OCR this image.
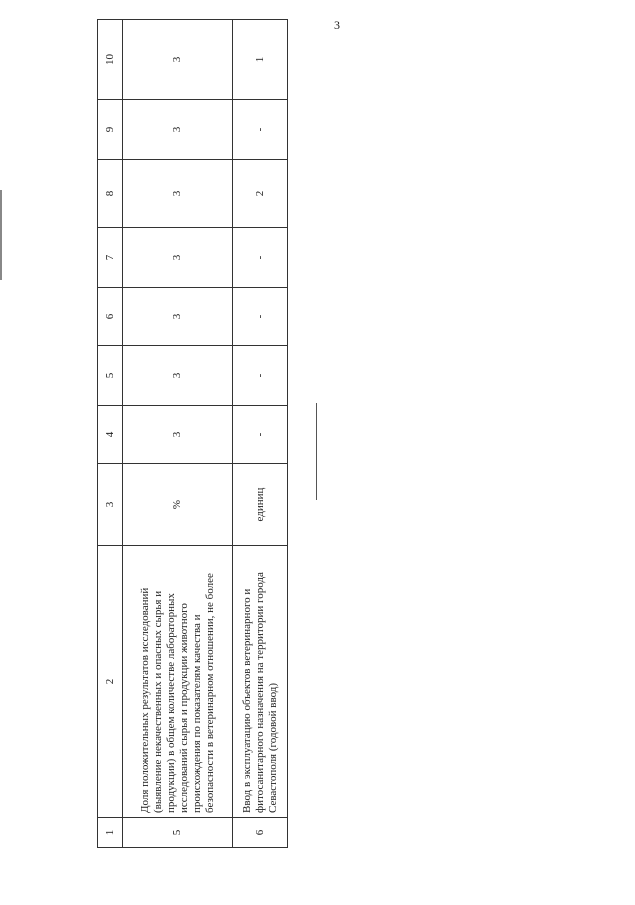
3
1	2	3	4	5	6	7	8	9	10
5	Доля положительных результатов исследований (выявление некачественных и опасных сырья и продукции) в общем количестве лабораторных исследований сырья и продукции животного происхождения по показателям качества и безопасности в ветеринарном отношении, не более	%	3	3	3	3	3	3	3
6	Ввод в эксплуатацию объектов ветеринарного и фитосанитарного назначения на территории города Севастополя (годовой ввод)	единиц	-	-	-	-	2	-	1
